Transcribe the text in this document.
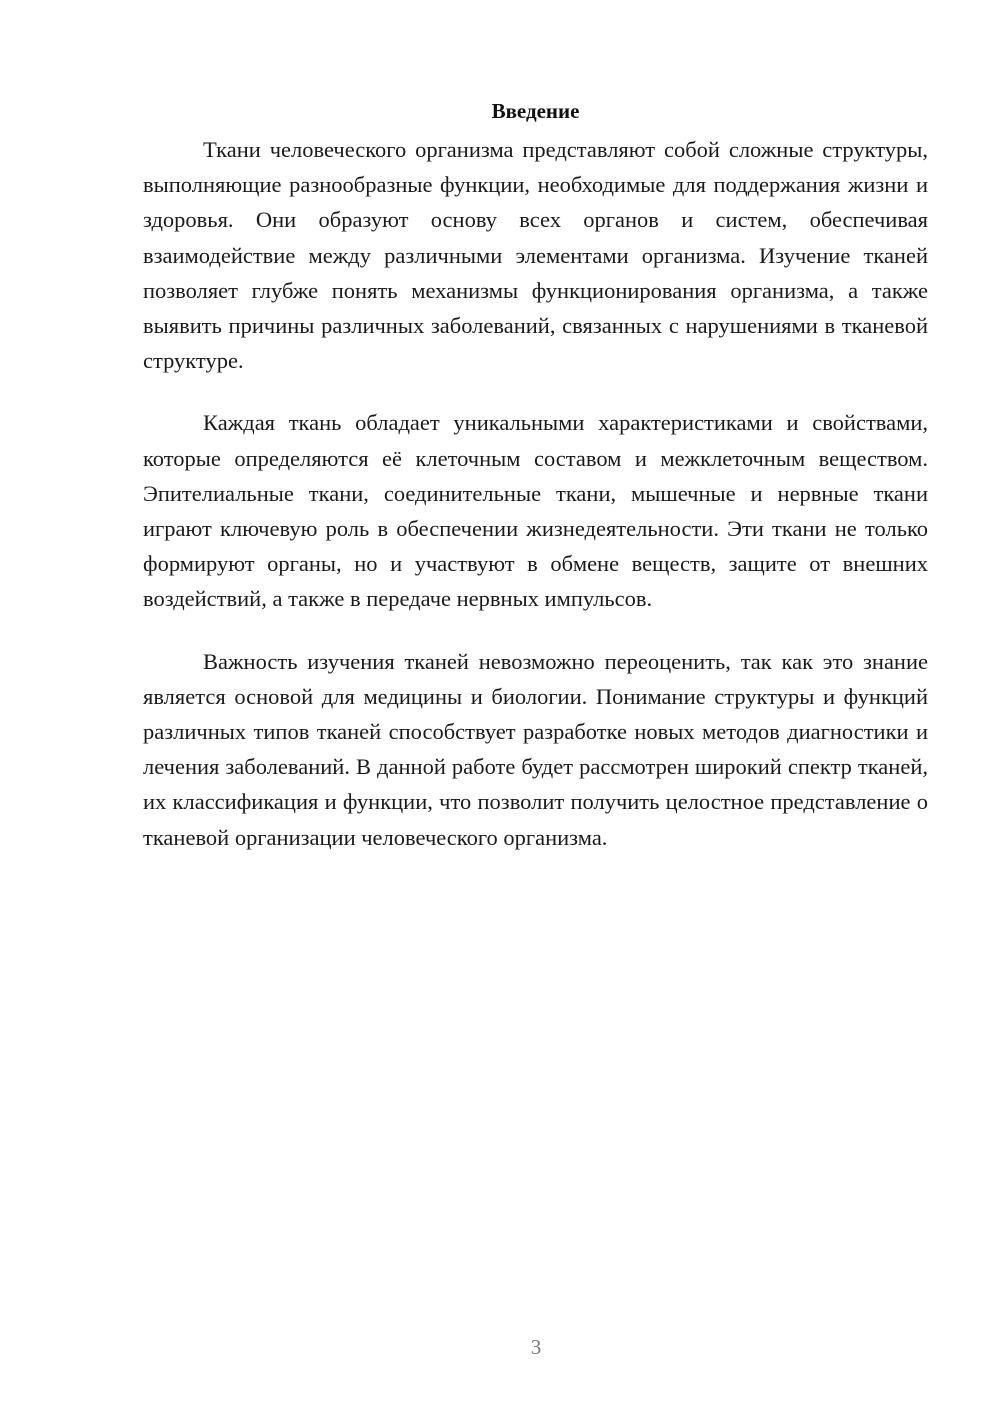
Введение

Ткани человеческого организма представляют собой сложные структуры, выполняющие разнообразные функции, необходимые для поддержания жизни и здоровья. Они образуют основу всех органов и систем, обеспечивая взаимодействие между различными элементами организма. Изучение тканей позволяет глубже понять механизмы функционирования организма, а также выявить причины различных заболеваний, связанных с нарушениями в тканевой структуре.

Каждая ткань обладает уникальными характеристиками и свойствами, которые определяются её клеточным составом и межклеточным веществом. Эпителиальные ткани, соединительные ткани, мышечные и нервные ткани играют ключевую роль в обеспечении жизнедеятельности. Эти ткани не только формируют органы, но и участвуют в обмене веществ, защите от внешних воздействий, а также в передаче нервных импульсов.

Важность изучения тканей невозможно переоценить, так как это знание является основой для медицины и биологии. Понимание структуры и функций различных типов тканей способствует разработке новых методов диагностики и лечения заболеваний. В данной работе будет рассмотрен широкий спектр тканей, их классификация и функции, что позволит получить целостное представление о тканевой организации человеческого организма.

3
